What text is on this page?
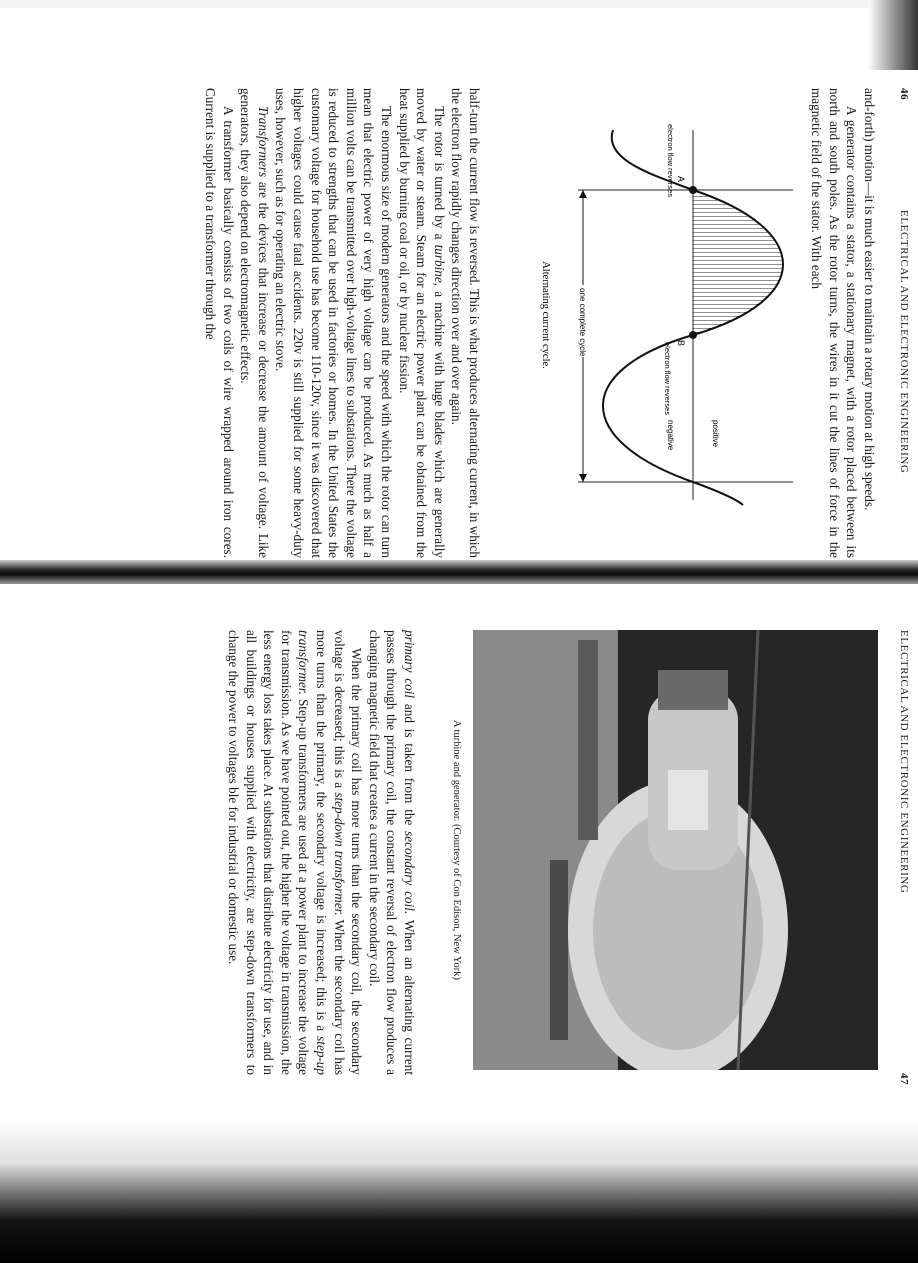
46
ELECTRICAL AND ELECTRONIC ENGINEERING

and-forth) motion—it is much easier to maintain a rotary motion at high speeds.

A generator contains a stator, a stationary magnet, with a rotor placed between its north and south poles. As the rotor turns, the wires in it cut the lines of force in the magnetic field of the stator. With each

A
B
electron flow reverses
electron flow reverses
positive
negative
one complete cycle
Alternating current cycle.

half-turn the current flow is reversed. This is what produces alternating current, in which the electron flow rapidly changes direction over and over again.

The rotor is turned by a turbine, a machine with huge blades which are generally moved by water or steam. Steam for an electric power plant can be obtained from the heat supplied by burning coal or oil, or by nuclear fission.

The enormous size of modern generators and the speed with which the rotor can turn mean that electric power of very high voltage can be produced. As much as half a million volts can be transmitted over high-voltage lines to substations. There the voltage is reduced to strengths that can be used in factories or homes. In the United States the customary voltage for household use has become 110-120v, since it was discovered that higher voltages could cause fatal accidents. 220v is still supplied for some heavy-duty uses, however, such as for operating an electric stove.

Transformers are the devices that increase or decrease the amount of voltage. Like generators, they also depend on electromagnetic effects.

A transformer basically consists of two coils of wire wrapped around iron cores. Current is supplied to a transformer through the

ELECTRICAL AND ELECTRONIC ENGINEERING
47
A turbine and generator. (Courtesy of Con Edison, New York)

primary coil and is taken from the secondary coil. When an alternating current passes through the primary coil, the constant reversal of electron flow produces a changing magnetic field that creates a current in the secondary coil.

When the primary coil has more turns than the secondary coil, the secondary voltage is decreased; this is a step-down transformer. When the secondary coil has more turns than the primary, the secondary voltage is increased; this is a step-up transformer. Step-up transformers are used at a power plant to increase the voltage for transmission. As we have pointed out, the higher the voltage in transmission, the less energy loss takes place. At substations that distribute electricity for use, and in all buildings or houses supplied with electricity, are step-down transformers to change the power to voltages ble for industrial or domestic use.
